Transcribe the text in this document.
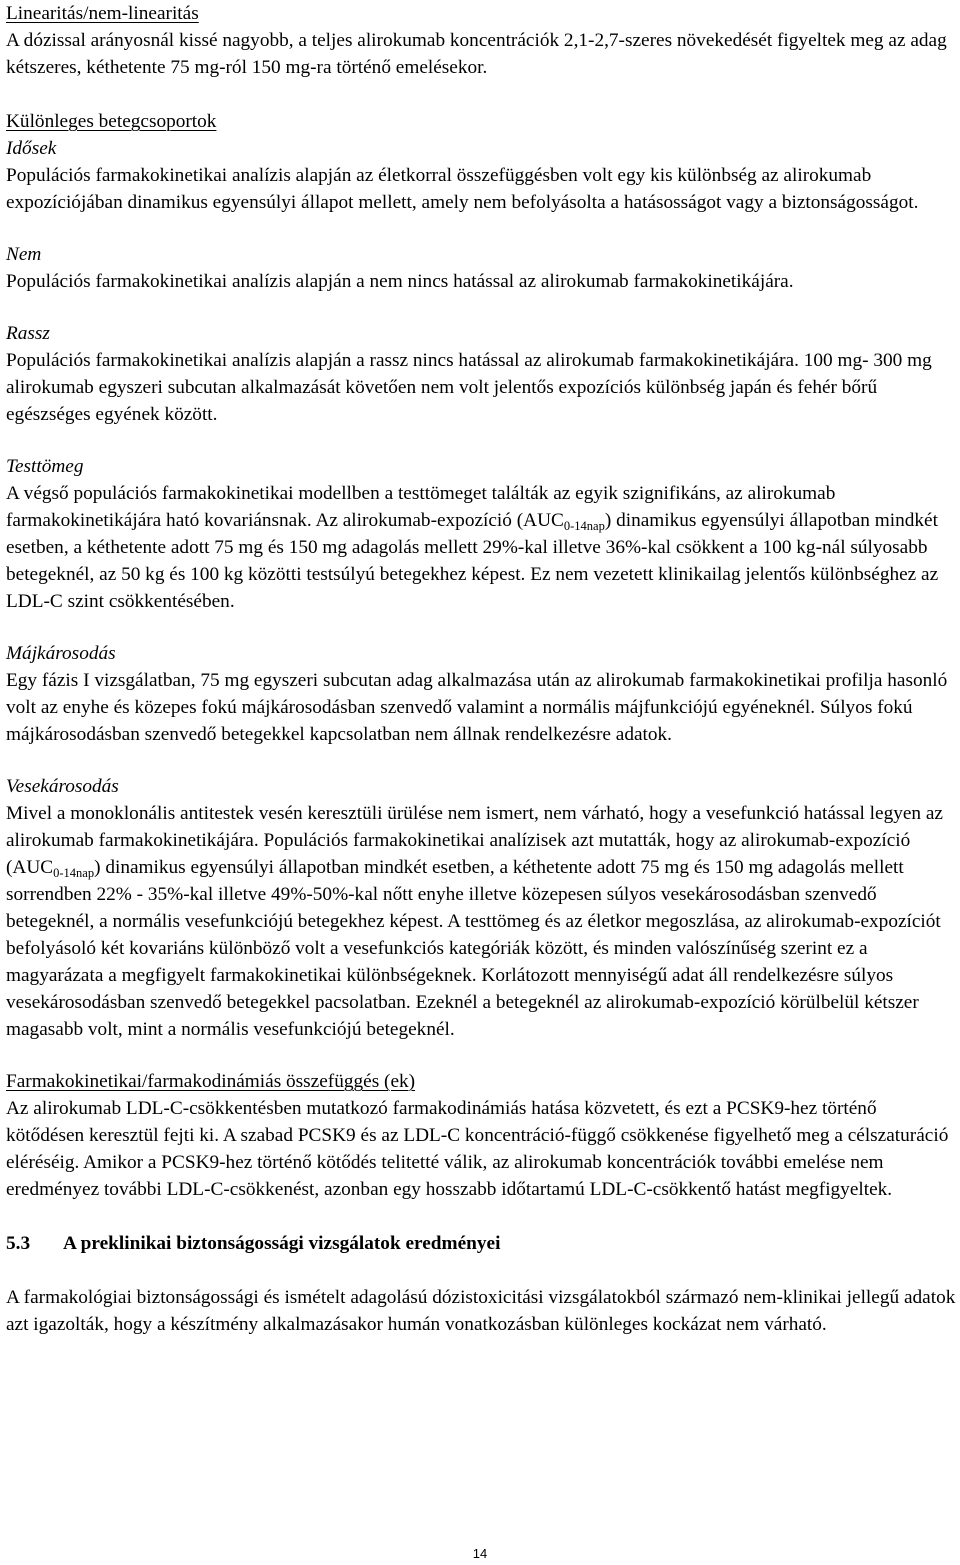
Linearitás/nem-linearitás

A dózissal arányosnál kissé nagyobb, a teljes alirokumab koncentrációk 2,1-2,7-szeres növekedését figyeltek meg az adag kétszeres, kéthetente 75 mg-ról 150 mg-ra történő emelésekor.

Különleges betegcsoportok

Idősek

Populációs farmakokinetikai analízis alapján az életkorral összefüggésben volt egy kis különbség az alirokumab expozíciójában dinamikus egyensúlyi állapot mellett, amely nem befolyásolta a hatásosságot vagy a biztonságosságot.

Nem

Populációs farmakokinetikai analízis alapján a nem nincs hatással az alirokumab farmakokinetikájára.

Rassz

Populációs farmakokinetikai analízis alapján a rassz nincs hatással az alirokumab farmakokinetikájára. 100 mg- 300 mg alirokumab egyszeri subcutan alkalmazását követően nem volt jelentős expozíciós különbség japán és fehér bőrű egészséges egyének között.

Testtömeg

A végső populációs farmakokinetikai modellben a testtömeget találták az egyik szignifikáns, az alirokumab farmakokinetikájára ható kovariánsnak. Az alirokumab-expozíció $(AUC_{0-14nap})$ dinamikus egyensúlyi állapotban mindkét esetben, a kéthetente adott 75 mg és 150 mg adagolás mellett 29%-kal illetve 36%-kal csökkent a 100 kg-nál súlyosabb betegeknél, az 50 kg és 100 kg közötti testsúlyú betegekhez képest. Ez nem vezetett klinikailag jelentős különbséghez az LDL-C szint csökkentésében.

Májkárosodás

Egy fázis I vizsgálatban, 75 mg egyszeri subcutan adag alkalmazása után az alirokumab farmakokinetikai profilja hasonló volt az enyhe és közepes fokú májkárosodásban szenvedő valamint a normális májfunkciójú egyéneknél. Súlyos fokú májkárosodásban szenvedő betegekkel kapcsolatban nem állnak rendelkezésre adatok.

Vesekárosodás

Mivel a monoklonális antitestek vesén keresztüli ürülése nem ismert, nem várható, hogy a vesefunkció hatással legyen az alirokumab farmakokinetikájára. Populációs farmakokinetikai analízisek azt mutatták, hogy az alirokumab-expozíció $(AUC_{0-14nap})$ dinamikus egyensúlyi állapotban mindkét esetben, a kéthetente adott 75 mg és 150 mg adagolás mellett sorrendben 22% - 35%-kal illetve 49%-50%-kal nőtt enyhe illetve közepesen súlyos vesekárosodásban szenvedő betegeknél, a normális vesefunkciójú betegekhez képest. A testtömeg és az életkor megoszlása, az alirokumab-expozíciót befolyásoló két kovariáns különböző volt a vesefunkciós kategóriák között, és minden valószínűség szerint ez a magyarázata a megfigyelt farmakokinetikai különbségeknek. Korlátozott mennyiségű adat áll rendelkezésre súlyos vesekárosodásban szenvedő betegekkel pacsolatban. Ezeknél a betegeknél az alirokumab-expozíció körülbelül kétszer magasabb volt, mint a normális vesefunkciójú betegeknél.

Farmakokinetikai/farmakodinámiás összefüggés (ek)

Az alirokumab LDL-C-csökkentésben mutatkozó farmakodinámiás hatása közvetett, és ezt a PCSK9-hez történő kötődésen keresztül fejti ki. A szabad PCSK9 és az LDL-C koncentráció-függő csökkenése figyelhető meg a célszaturáció eléréséig. Amikor a PCSK9-hez történő kötődés telitetté válik, az alirokumab koncentrációk további emelése nem eredményez további LDL-C-csökkenést, azonban egy hosszabb időtartamú LDL-C-csökkentő hatást megfigyeltek.

5.3	A preklinikai biztonságossági vizsgálatok eredményei

A farmakológiai biztonságossági és ismételt adagolású dózistoxicitási vizsgálatokból származó nem-klinikai jellegű adatok azt igazolták, hogy a készítmény alkalmazásakor humán vonatkozásban különleges kockázat nem várható.

14
